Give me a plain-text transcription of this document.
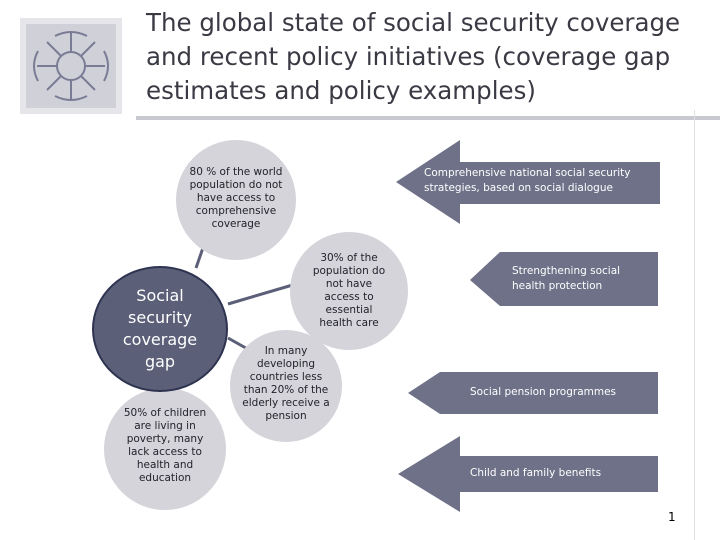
The global state of social security coverage and recent policy initiatives (coverage gap estimates and policy examples)
80 % of the world population do not have access to comprehensive coverage
30% of the population do not have access to essential health care
In many developing countries less than 20% of the elderly receive a pension
50% of children are living in poverty, many lack access to health and education
Social security coverage gap
Comprehensive national social security strategies, based on social dialogue
Strengthening social health protection
Social pension programmes
Child and family benefits
1
